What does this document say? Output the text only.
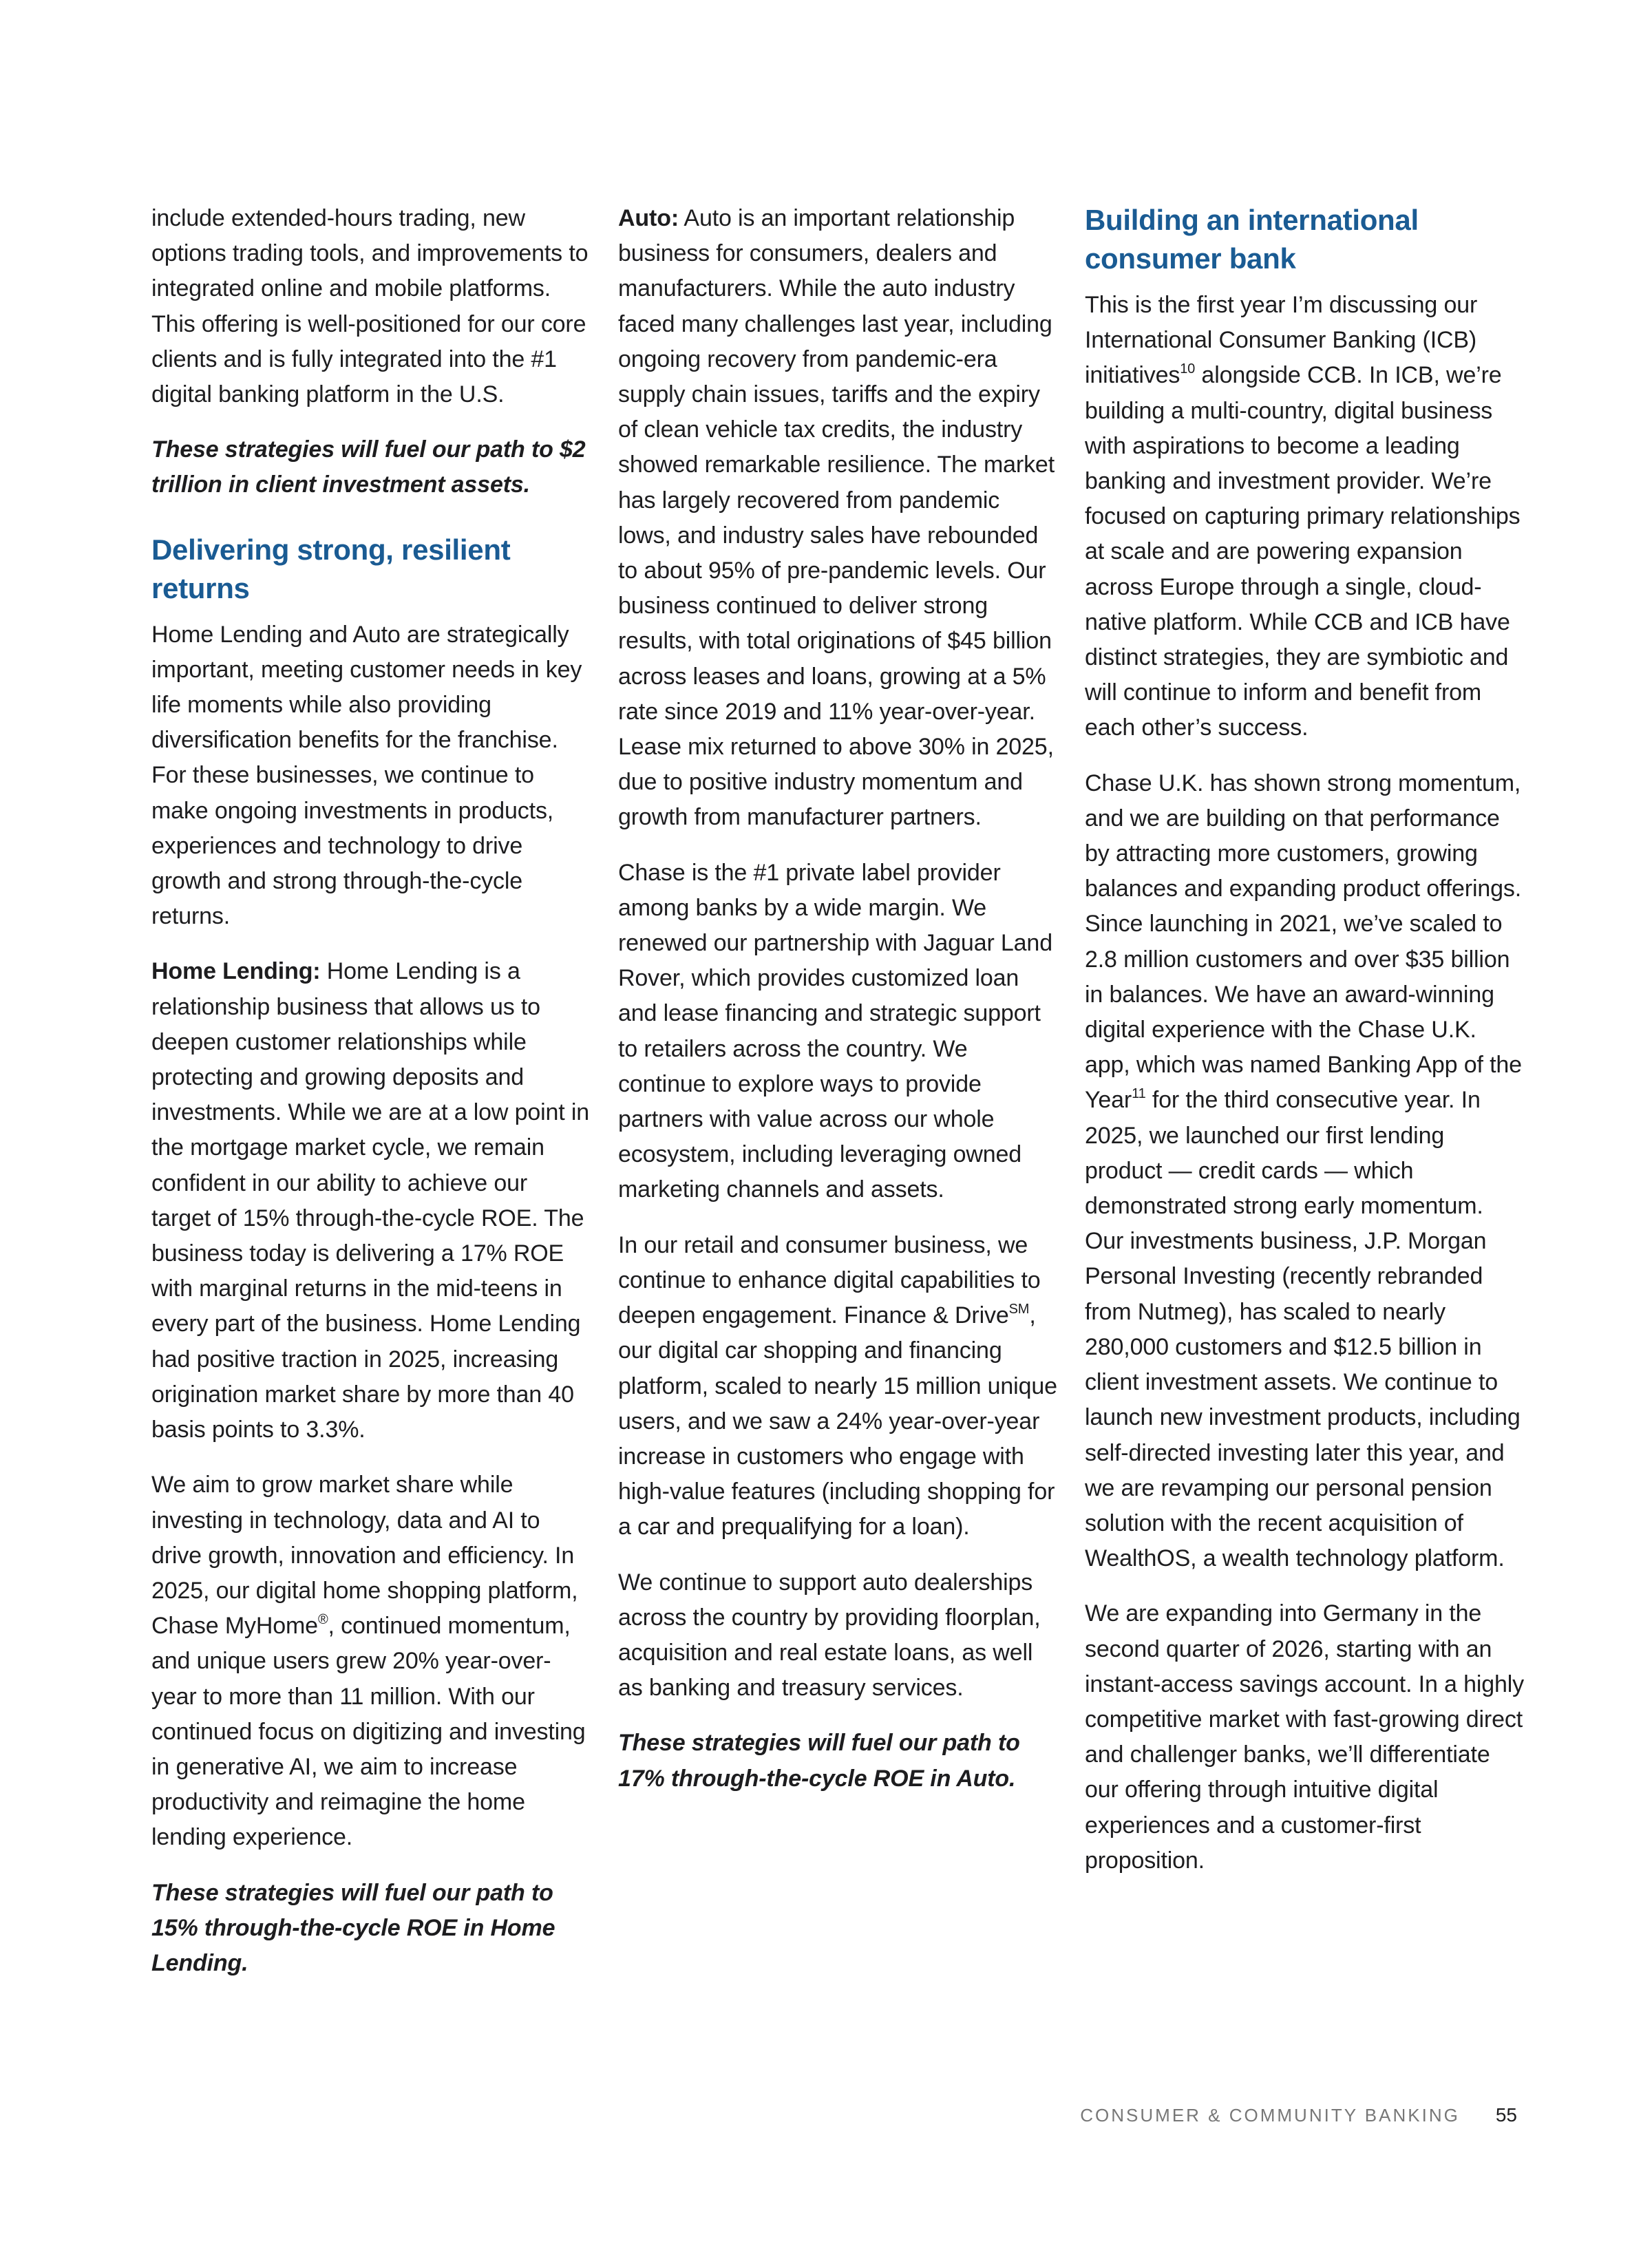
include extended-hours trading, new options trading tools, and improvements to integrated online and mobile platforms. This offering is well-positioned for our core clients and is fully integrated into the #1 digital banking platform in the U.S.

These strategies will fuel our path to $2 trillion in client investment assets.

Delivering strong, resilient returns

Home Lending and Auto are strategically important, meeting customer needs in key life moments while also providing diversification benefits for the franchise. For these businesses, we continue to make ongoing investments in products, experiences and technology to drive growth and strong through-the-cycle returns.

Home Lending: Home Lending is a relationship business that allows us to deepen customer relationships while protecting and growing deposits and investments. While we are at a low point in the mortgage market cycle, we remain confident in our ability to achieve our target of 15% through-the-cycle ROE. The business today is delivering a 17% ROE with marginal returns in the mid-teens in every part of the business. Home Lending had positive traction in 2025, increasing origination market share by more than 40 basis points to 3.3%.

We aim to grow market share while investing in technology, data and AI to drive growth, innovation and efficiency. In 2025, our digital home shopping platform, Chase MyHome®, continued momentum, and unique users grew 20% year-over-year to more than 11 million. With our continued focus on digitizing and investing in generative AI, we aim to increase productivity and reimagine the home lending experience.

These strategies will fuel our path to 15% through-the-cycle ROE in Home Lending.

Auto: Auto is an important relationship business for consumers, dealers and manufacturers. While the auto industry faced many challenges last year, including ongoing recovery from pandemic-era supply chain issues, tariffs and the expiry of clean vehicle tax credits, the industry showed remarkable resilience. The market has largely recovered from pandemic lows, and industry sales have rebounded to about 95% of pre-pandemic levels. Our business continued to deliver strong results, with total originations of $45 billion across leases and loans, growing at a 5% rate since 2019 and 11% year-over-year. Lease mix returned to above 30% in 2025, due to positive industry momentum and growth from manufacturer partners.

Chase is the #1 private label provider among banks by a wide margin. We renewed our partnership with Jaguar Land Rover, which provides customized loan and lease financing and strategic support to retailers across the country. We continue to explore ways to provide partners with value across our whole ecosystem, including leveraging owned marketing channels and assets.

In our retail and consumer business, we continue to enhance digital capabilities to deepen engagement. Finance & Drive℠, our digital car shopping and financing platform, scaled to nearly 15 million unique users, and we saw a 24% year-over-year increase in customers who engage with high-value features (including shopping for a car and prequalifying for a loan).

We continue to support auto dealerships across the country by providing floorplan, acquisition and real estate loans, as well as banking and treasury services.

These strategies will fuel our path to 17% through-the-cycle ROE in Auto.

Building an international consumer bank

This is the first year I’m discussing our International Consumer Banking (ICB) initiatives$^{10}$ alongside CCB. In ICB, we’re building a multi-country, digital business with aspirations to become a leading banking and investment provider. We’re focused on capturing primary relationships at scale and are powering expansion across Europe through a single, cloud-native platform. While CCB and ICB have distinct strategies, they are symbiotic and will continue to inform and benefit from each other’s success.

Chase U.K. has shown strong momentum, and we are building on that performance by attracting more customers, growing balances and expanding product offerings. Since launching in 2021, we’ve scaled to 2.8 million customers and over $35 billion in balances. We have an award-winning digital experience with the Chase U.K. app, which was named Banking App of the Year$^{11}$ for the third consecutive year. In 2025, we launched our first lending product — credit cards — which demonstrated strong early momentum. Our investments business, J.P. Morgan Personal Investing (recently rebranded from Nutmeg), has scaled to nearly 280,000 customers and $12.5 billion in client investment assets. We continue to launch new investment products, including self-directed investing later this year, and we are revamping our personal pension solution with the recent acquisition of WealthOS, a wealth technology platform.

We are expanding into Germany in the second quarter of 2026, starting with an instant-access savings account. In a highly competitive market with fast-growing direct and challenger banks, we’ll differentiate our offering through intuitive digital experiences and a customer-first proposition.

CONSUMER & COMMUNITY BANKING 55
